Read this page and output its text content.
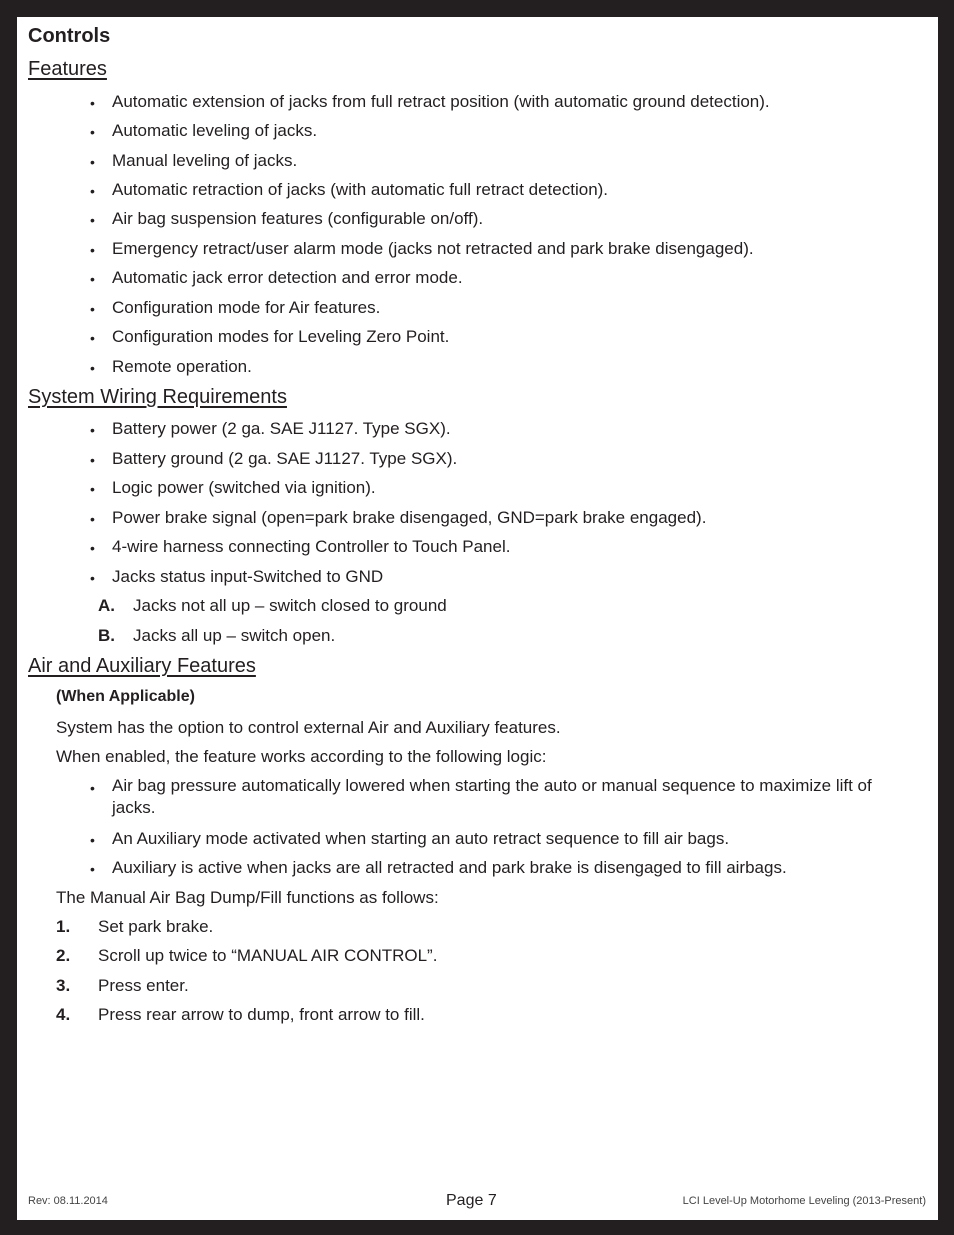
Controls
Features
• Automatic extension of jacks from full retract position (with automatic ground detection).
• Automatic leveling of jacks.
• Manual leveling of jacks.
• Automatic retraction of jacks (with automatic full retract detection).
• Air bag suspension features (configurable on/off).
• Emergency retract/user alarm mode (jacks not retracted and park brake disengaged).
• Automatic jack error detection and error mode.
• Configuration mode for Air features.
• Configuration modes for Leveling Zero Point.
• Remote operation.
System Wiring Requirements
• Battery power (2 ga. SAE J1127. Type SGX).
• Battery ground (2 ga. SAE J1127. Type SGX).
• Logic power (switched via ignition).
• Power brake signal (open=park brake disengaged, GND=park brake engaged).
• 4-wire harness connecting Controller to Touch Panel.
• Jacks status input-Switched to GND
A. Jacks not all up – switch closed to ground
B. Jacks all up – switch open.
Air and Auxiliary Features
(When Applicable)
System has the option to control external Air and Auxiliary features.
When enabled, the feature works according to the following logic:
• Air bag pressure automatically lowered when starting the auto or manual sequence to maximize lift of jacks.
• An Auxiliary mode activated when starting an auto retract sequence to fill air bags.
• Auxiliary is active when jacks are all retracted and park brake is disengaged to fill airbags.
The Manual Air Bag Dump/Fill functions as follows:
1. Set park brake.
2. Scroll up twice to “MANUAL AIR CONTROL”.
3. Press enter.
4. Press rear arrow to dump, front arrow to fill.
Rev: 08.11.2014	Page 7	LCI Level-Up Motorhome Leveling (2013-Present)
